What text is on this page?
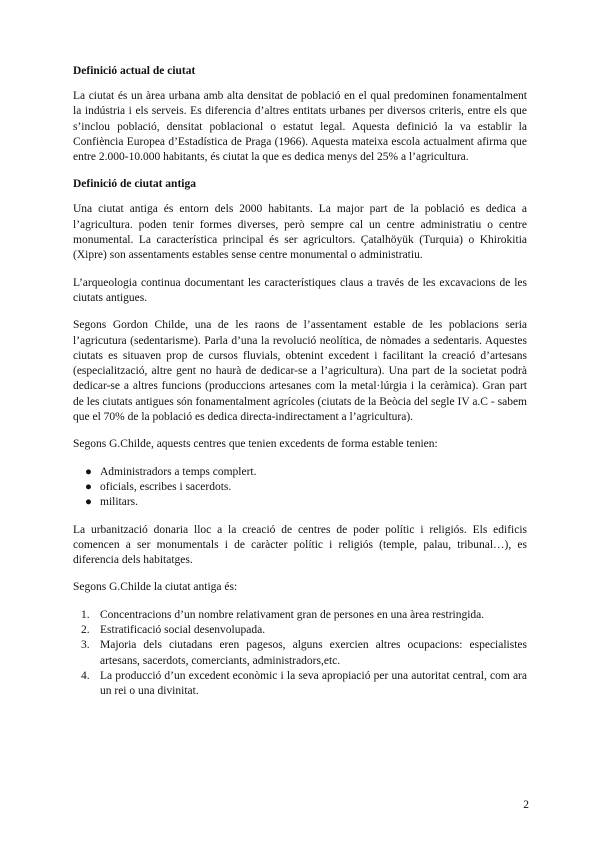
Definició actual de ciutat

La ciutat és un àrea urbana amb alta densitat de població en el qual predominen fonamentalment la indústria i els serveis. Es diferencia d’altres entitats urbanes per diversos criteris, entre els que s’inclou població, densitat poblacional o estatut legal. Aquesta definició la va establir la Confiència Europea d’Estadística de Praga (1966). Aquesta mateixa escola actualment afirma que entre 2.000-10.000 habitants, és ciutat la que es dedica menys del 25% a l’agricultura.

Definició de ciutat antiga

Una ciutat antiga és entorn dels 2000 habitants. La major part de la població es dedica a l’agricultura. poden tenir formes diverses, però sempre cal un centre administratiu o centre monumental. La característica principal és ser agricultors. Çatalhöyük (Turquia) o Khirokitia (Xipre) son assentaments estables sense centre monumental o administratiu.

L’arqueologia continua documentant les característiques claus a través de les excavacions de les ciutats antigues.

Segons Gordon Childe, una de les raons de l’assentament estable de les poblacions seria l’agricutura (sedentarisme). Parla d’una la revolució neolítica, de nòmades a sedentaris. Aquestes ciutats es situaven prop de cursos fluvials, obtenint excedent i facilitant la creació d’artesans (especialització, altre gent no haurà de dedicar-se a l’agricultura). Una part de la societat podrà dedicar-se a altres funcions (produccions artesanes com la metal·lúrgia i la ceràmica). Gran part de les ciutats antigues són fonamentalment agrícoles (ciutats de la Beòcia del segle IV a.C - sabem que el 70% de la població es dedica directa-indirectament a l’agricultura).

Segons G.Childe, aquests centres que tenien excedents de forma estable tenien:

● Administradors a temps complert.
● oficials, escribes i sacerdots.
● militars.

La urbanització donaria lloc a la creació de centres de poder polític i religiós. Els edificis comencen a ser monumentals i de caràcter polític i religiós (temple, palau, tribunal…), es diferencia dels habitatges.

Segons G.Childe la ciutat antiga és:

1. Concentracions d’un nombre relativament gran de persones en una àrea restringida.
2. Estratificació social desenvolupada.
3. Majoria dels ciutadans eren pagesos, alguns exercien altres ocupacions: especialistes artesans, sacerdots, comerciants, administradors,etc.
4. La producció d’un excedent econòmic i la seva apropiació per una autoritat central, com ara un rei o una divinitat.
2
